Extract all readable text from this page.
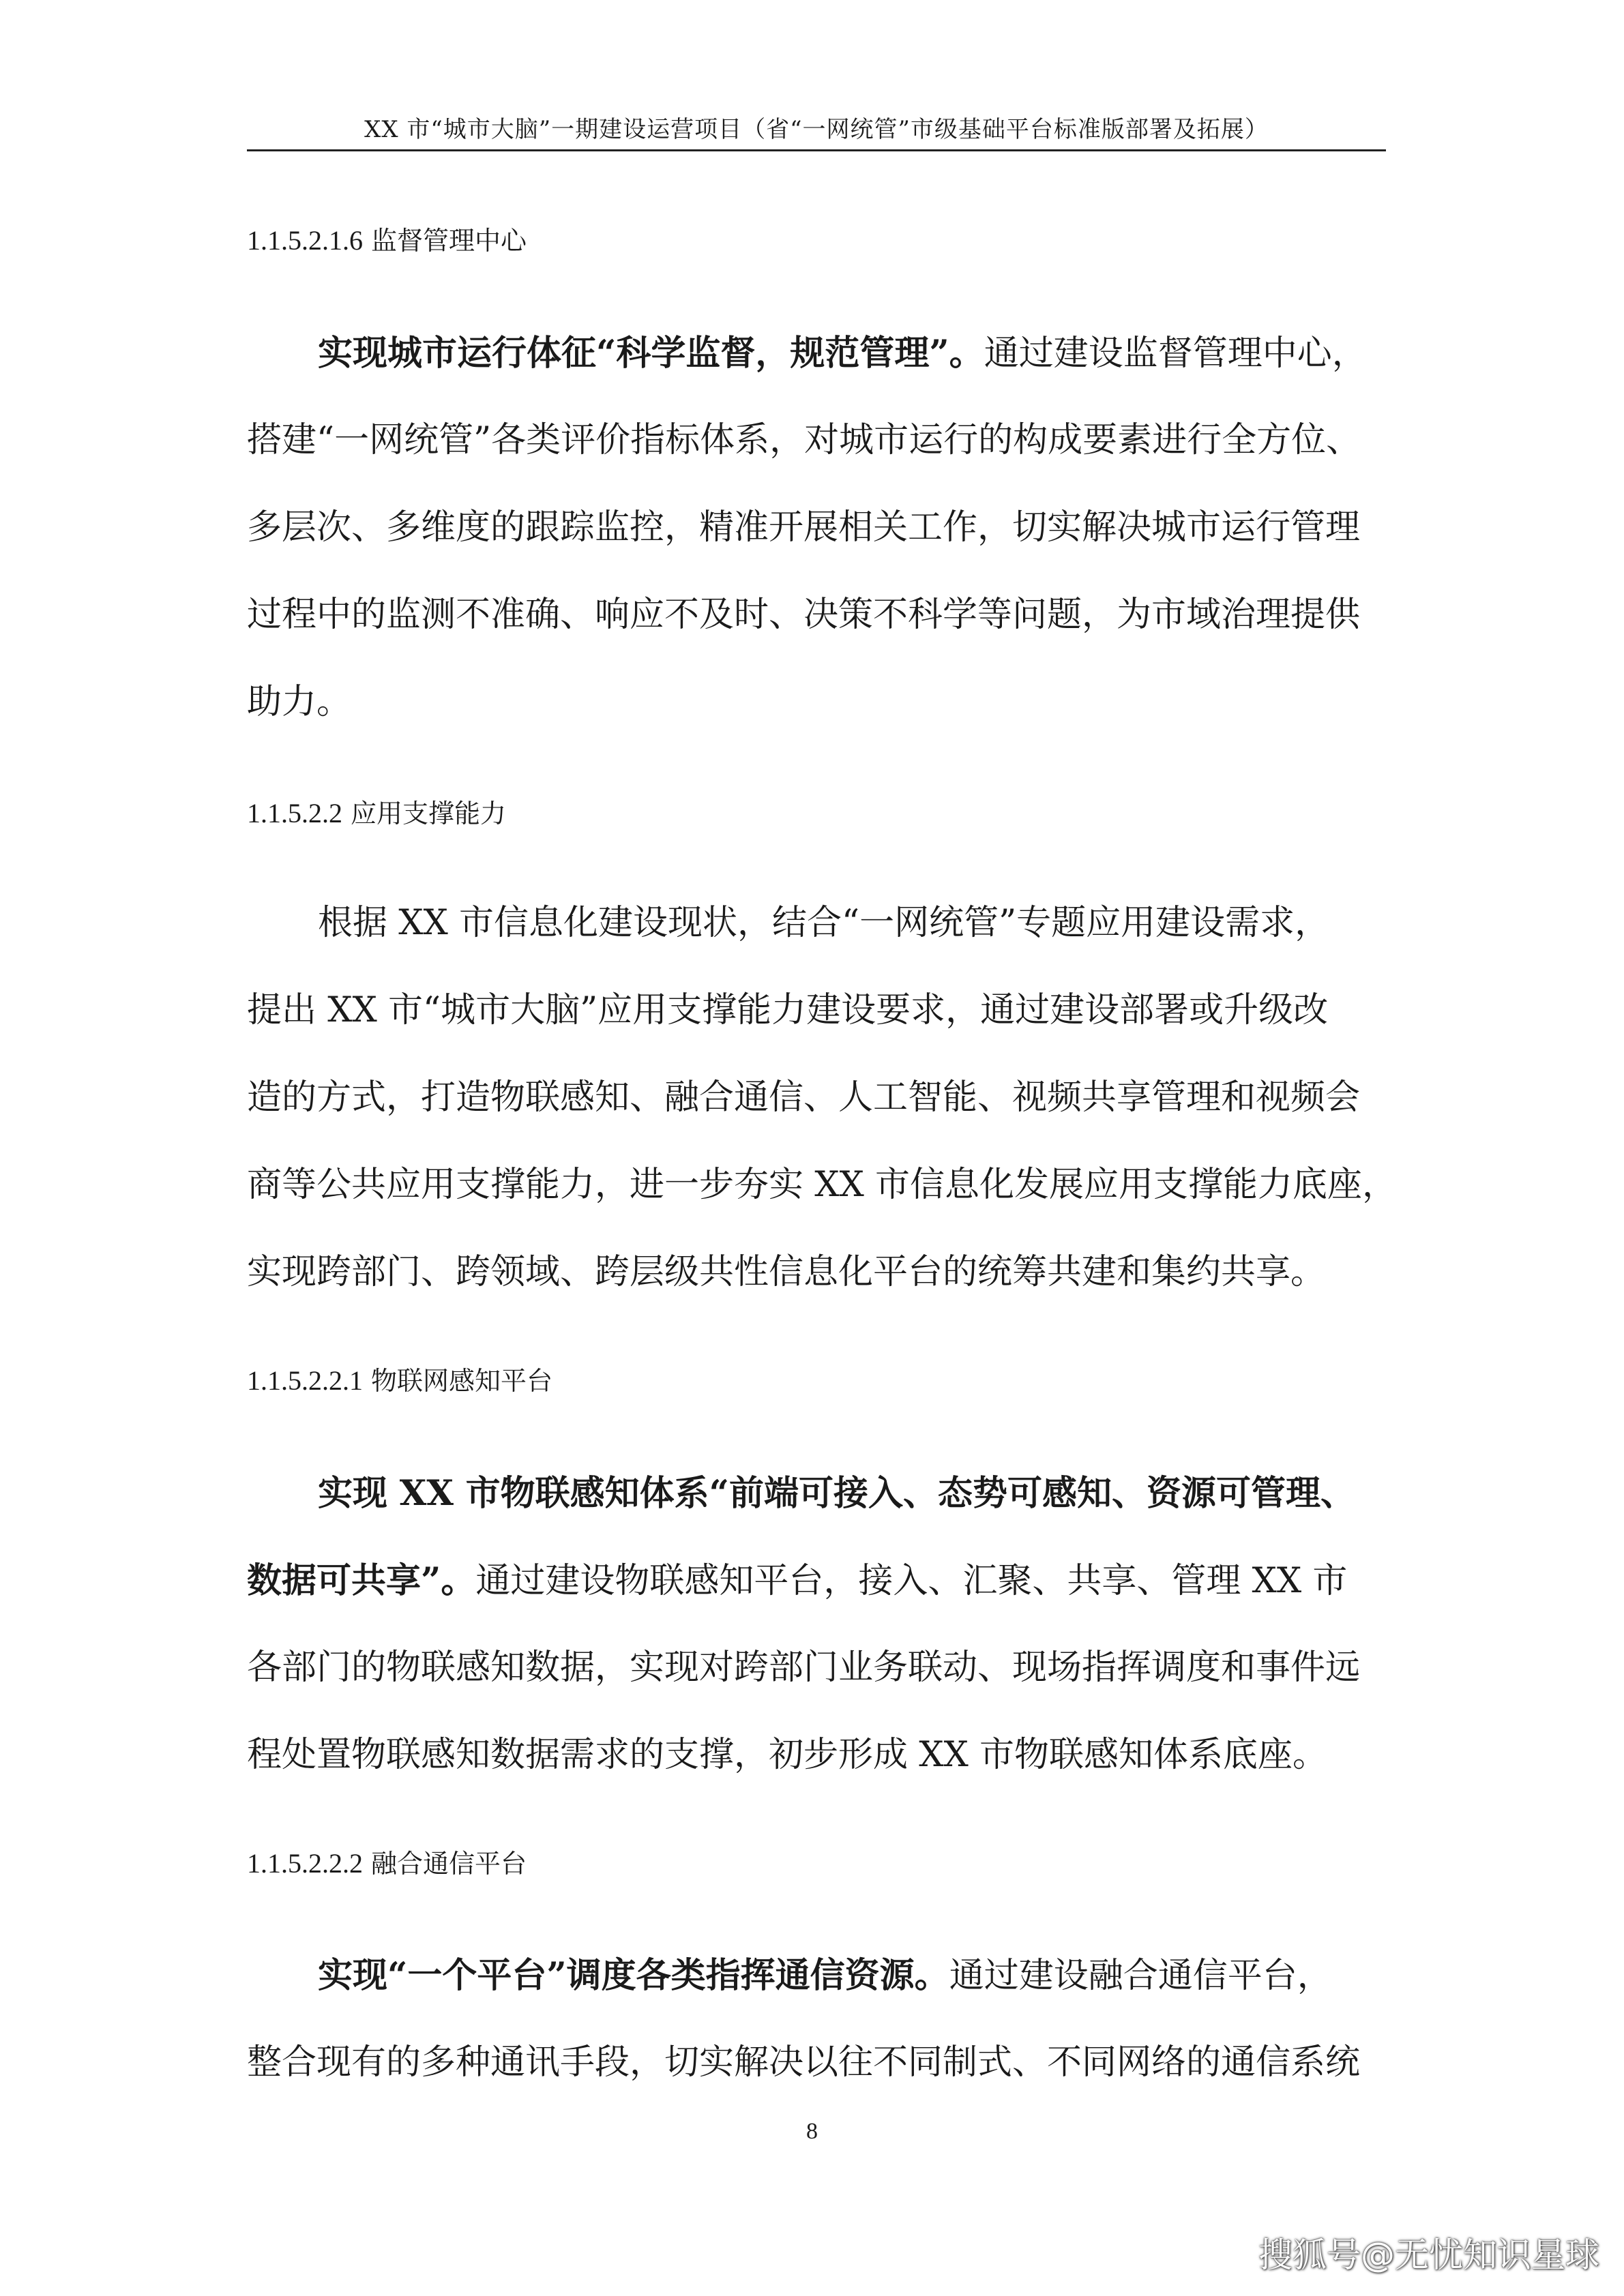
XX 市“城市大脑”一期建设运营项目（省“一网统管”市级基础平台标准版部署及拓展）
1.1.5.2.1.6 监督管理中心
实现城市运行体征“科学监督，规范管理”。通过建设监督管理中心，
搭建“一网统管”各类评价指标体系，对城市运行的构成要素进行全方位、
多层次、多维度的跟踪监控，精准开展相关工作，切实解决城市运行管理
过程中的监测不准确、响应不及时、决策不科学等问题，为市域治理提供
助力。
1.1.5.2.2 应用支撑能力
根据 XX 市信息化建设现状，结合“一网统管”专题应用建设需求，
提出 XX 市“城市大脑”应用支撑能力建设要求，通过建设部署或升级改
造的方式，打造物联感知、融合通信、人工智能、视频共享管理和视频会
商等公共应用支撑能力，进一步夯实 XX 市信息化发展应用支撑能力底座，
实现跨部门、跨领域、跨层级共性信息化平台的统筹共建和集约共享。
1.1.5.2.2.1 物联网感知平台
实现 XX 市物联感知体系“前端可接入、态势可感知、资源可管理、
数据可共享”。通过建设物联感知平台，接入、汇聚、共享、管理 XX 市
各部门的物联感知数据，实现对跨部门业务联动、现场指挥调度和事件远
程处置物联感知数据需求的支撑，初步形成 XX 市物联感知体系底座。
1.1.5.2.2.2 融合通信平台
实现“一个平台”调度各类指挥通信资源。通过建设融合通信平台，
整合现有的多种通讯手段，切实解决以往不同制式、不同网络的通信系统
8
搜狐号@无忧知识星球
